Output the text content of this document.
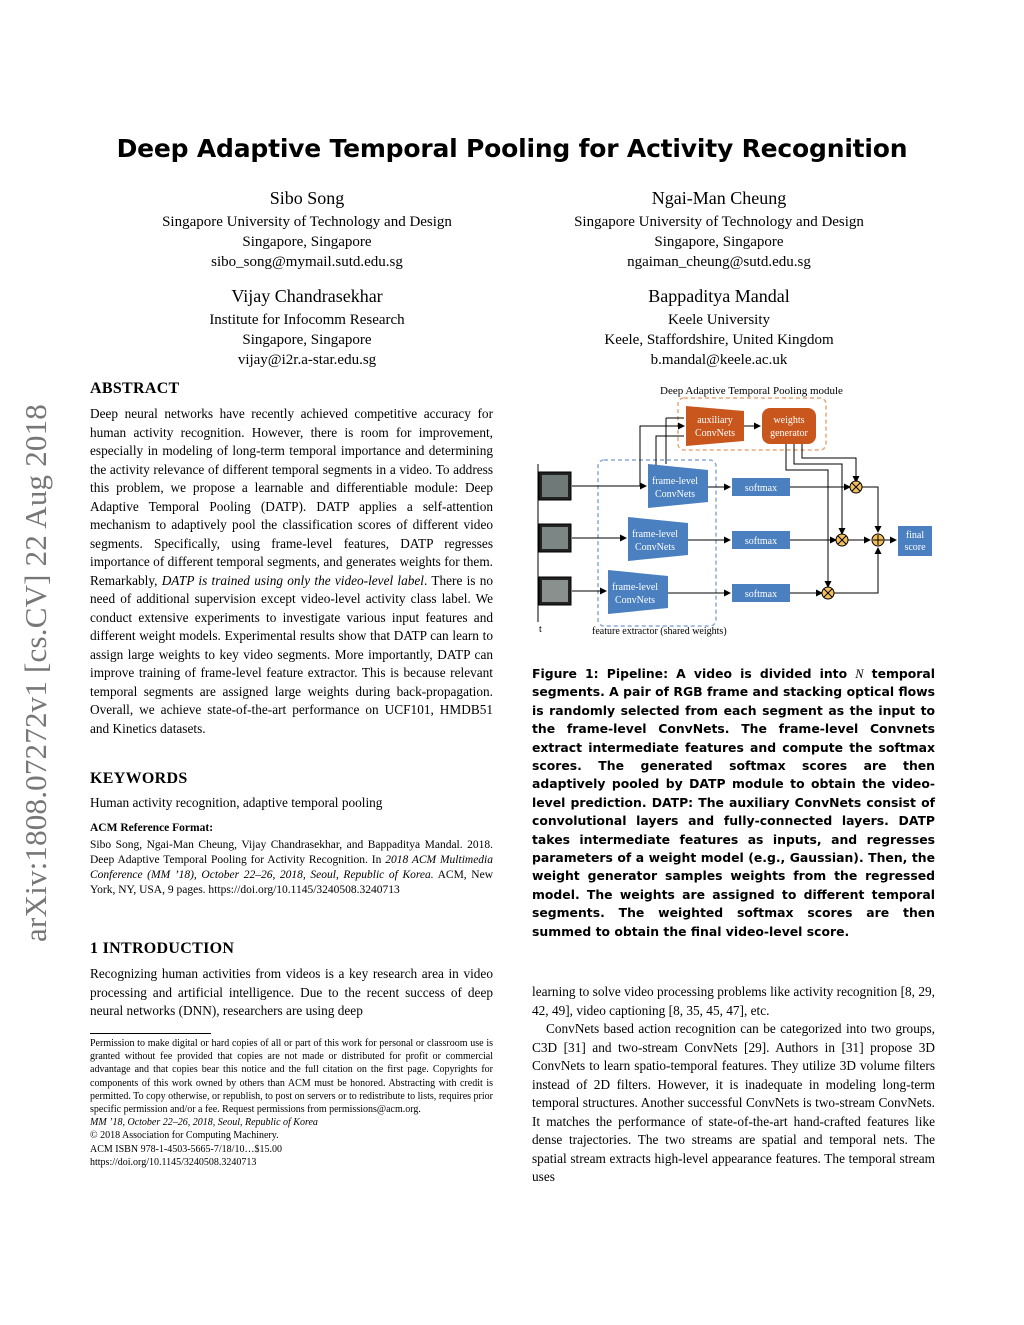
arXiv:1808.07272v1 [cs.CV] 22 Aug 2018
Deep Adaptive Temporal Pooling for Activity Recognition
Sibo Song
Singapore University of Technology and Design
Singapore, Singapore
sibo_song@mymail.sutd.edu.sg
Ngai-Man Cheung
Singapore University of Technology and Design
Singapore, Singapore
ngaiman_cheung@sutd.edu.sg
Vijay Chandrasekhar
Institute for Infocomm Research
Singapore, Singapore
vijay@i2r.a-star.edu.sg
Bappaditya Mandal
Keele University
Keele, Staffordshire, United Kingdom
b.mandal@keele.ac.uk
ABSTRACT
Deep neural networks have recently achieved competitive accuracy for human activity recognition. However, there is room for improvement, especially in modeling of long-term temporal importance and determining the activity relevance of different temporal segments in a video. To address this problem, we propose a learnable and differentiable module: Deep Adaptive Temporal Pooling (DATP). DATP applies a self-attention mechanism to adaptively pool the classification scores of different video segments. Specifically, using frame-level features, DATP regresses importance of different temporal segments, and generates weights for them. Remarkably, DATP is trained using only the video-level label. There is no need of additional supervision except video-level activity class label. We conduct extensive experiments to investigate various input features and different weight models. Experimental results show that DATP can learn to assign large weights to key video segments. More importantly, DATP can improve training of frame-level feature extractor. This is because relevant temporal segments are assigned large weights during back-propagation. Overall, we achieve state-of-the-art performance on UCF101, HMDB51 and Kinetics datasets.
KEYWORDS
Human activity recognition, adaptive temporal pooling
ACM Reference Format:
Sibo Song, Ngai-Man Cheung, Vijay Chandrasekhar, and Bappaditya Mandal. 2018. Deep Adaptive Temporal Pooling for Activity Recognition. In 2018 ACM Multimedia Conference (MM ’18), October 22–26, 2018, Seoul, Republic of Korea. ACM, New York, NY, USA, 9 pages. https://doi.org/10.1145/3240508.3240713
1 INTRODUCTION
Recognizing human activities from videos is a key research area in video processing and artificial intelligence. Due to the recent success of deep neural networks (DNN), researchers are using deep
Permission to make digital or hard copies of all or part of this work for personal or classroom use is granted without fee provided that copies are not made or distributed for profit or commercial advantage and that copies bear this notice and the full citation on the first page. Copyrights for components of this work owned by others than ACM must be honored. Abstracting with credit is permitted. To copy otherwise, or republish, to post on servers or to redistribute to lists, requires prior specific permission and/or a fee. Request permissions from permissions@acm.org.
MM ’18, October 22–26, 2018, Seoul, Republic of Korea
© 2018 Association for Computing Machinery.
ACM ISBN 978-1-4503-5665-7/18/10…$15.00
https://doi.org/10.1145/3240508.3240713
Deep Adaptive Temporal Pooling module
auxiliary
ConvNets
weights
generator
t
frame-level
ConvNets
frame-level
ConvNets
frame-level
ConvNets
softmax
softmax
softmax
final
score
feature extractor (shared weights)
Figure 1: Pipeline: A video is divided into N temporal segments. A pair of RGB frame and stacking optical flows is randomly selected from each segment as the input to the frame-level ConvNets. The frame-level Convnets extract intermediate features and compute the softmax scores. The generated softmax scores are then adaptively pooled by DATP module to obtain the video-level prediction. DATP: The auxiliary ConvNets consist of convolutional layers and fully-connected layers. DATP takes intermediate features as inputs, and regresses parameters of a weight model (e.g., Gaussian). Then, the weight generator samples weights from the regressed model. The weights are assigned to different temporal segments. The weighted softmax scores are then summed to obtain the final video-level score.

learning to solve video processing problems like activity recognition [8, 29, 42, 49], video captioning [8, 35, 45, 47], etc.

ConvNets based action recognition can be categorized into two groups, C3D [31] and two-stream ConvNets [29]. Authors in [31] propose 3D ConvNets to learn spatio-temporal features. They utilize 3D volume filters instead of 2D filters. However, it is inadequate in modeling long-term temporal structures. Another successful ConvNets is two-stream ConvNets. It matches the performance of state-of-the-art hand-crafted features like dense trajectories. The two streams are spatial and temporal nets. The spatial stream extracts high-level appearance features. The temporal stream uses
